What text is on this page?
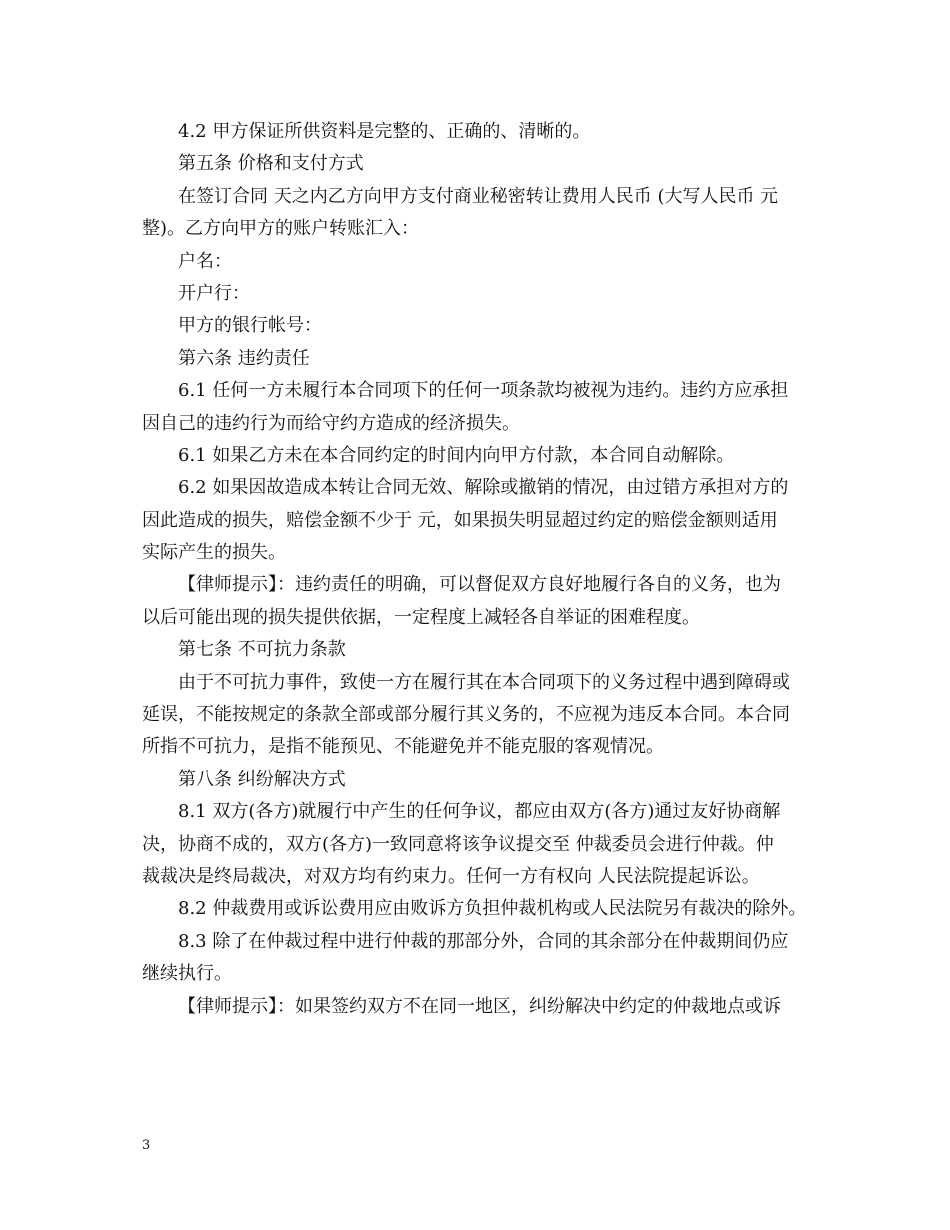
4.2 甲方保证所供资料是完整的、正确的、清晰的。
第五条 价格和支付方式
在签订合同 天之内乙方向甲方支付商业秘密转让费用人民币 (大写人民币 元
整)。乙方向甲方的账户转账汇入：
户名：
开户行：
甲方的银行帐号：
第六条 违约责任
6.1 任何一方未履行本合同项下的任何一项条款均被视为违约。违约方应承担
因自己的违约行为而给守约方造成的经济损失。
6.1 如果乙方未在本合同约定的时间内向甲方付款，本合同自动解除。
6.2 如果因故造成本转让合同无效、解除或撤销的情况，由过错方承担对方的
因此造成的损失，赔偿金额不少于 元，如果损失明显超过约定的赔偿金额则适用
实际产生的损失。
【律师提示】：违约责任的明确，可以督促双方良好地履行各自的义务，也为
以后可能出现的损失提供依据，一定程度上减轻各自举证的困难程度。
第七条 不可抗力条款
由于不可抗力事件，致使一方在履行其在本合同项下的义务过程中遇到障碍或
延误，不能按规定的条款全部或部分履行其义务的，不应视为违反本合同。本合同
所指不可抗力，是指不能预见、不能避免并不能克服的客观情况。
第八条 纠纷解决方式
8.1 双方(各方)就履行中产生的任何争议，都应由双方(各方)通过友好协商解
决，协商不成的，双方(各方)一致同意将该争议提交至 仲裁委员会进行仲裁。仲
裁裁决是终局裁决，对双方均有约束力。任何一方有权向 人民法院提起诉讼。
8.2 仲裁费用或诉讼费用应由败诉方负担仲裁机构或人民法院另有裁决的除外。
8.3 除了在仲裁过程中进行仲裁的那部分外，合同的其余部分在仲裁期间仍应
继续执行。
【律师提示】：如果签约双方不在同一地区，纠纷解决中约定的仲裁地点或诉
3
